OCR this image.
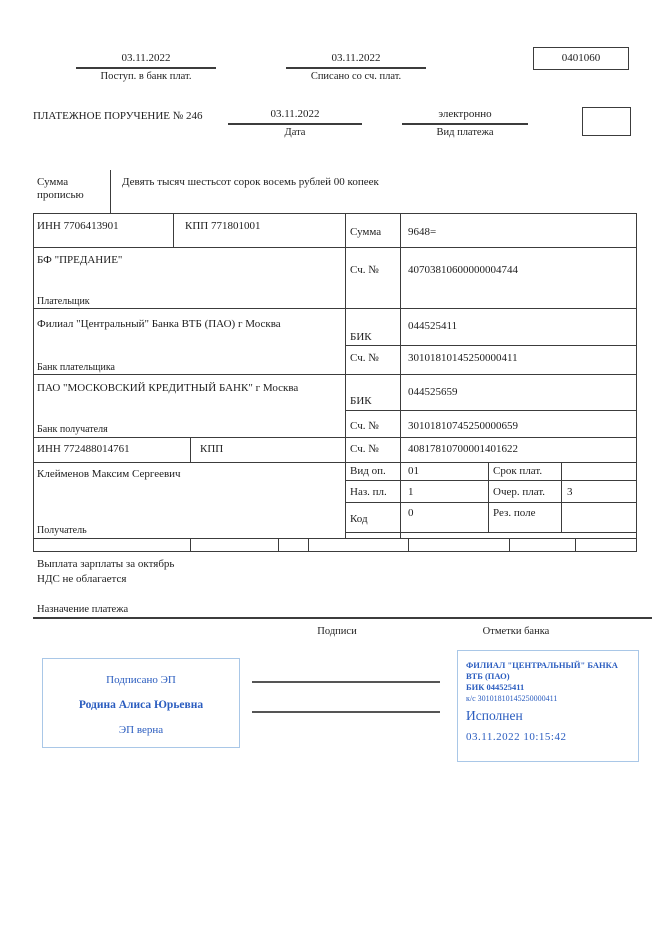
03.11.2022
Поступ. в банк плат.
03.11.2022
Списано со сч. плат.
0401060
ПЛАТЕЖНОЕ ПОРУЧЕНИЕ № 246	03.11.2022
Дата
электронно
Вид платежа
Сумма прописью
Девять тысяч шестьсот сорок восемь рублей 00 копеек
ИНН 7706413901	КПП 771801001	Сумма 9648=
БФ "ПРЕДАНИЕ"
Сч. №	40703810600000004744
Плательщик
Филиал "Центральный" Банка ВТБ (ПАО) г Москва	044525411
БИК
Сч. №	30101810145250000411
Банк плательщика
ПАО "МОСКОВСКИЙ КРЕДИТНЫЙ БАНК" г Москва	044525659
БИК
Сч. №	30101810745250000659
Банк получателя
ИНН 772488014761	КПП	Сч. №	40817810700001401622
Клейменов Максим Сергеевич	Вид оп. 01	Срок плат.
Наз. пл. 1	Очер. плат. 3
Код	0	Рез. поле
Получатель
Выплата зарплаты за октябрь
НДС не облагается
Назначение платежа
Подписи	Отметки банка
Подписано ЭП
Родина Алиса Юрьевна
ЭП верна
ФИЛИАЛ "ЦЕНТРАЛЬНЫЙ" БАНКА
ВТБ (ПАО)
БИК 044525411
к/с 30101810145250000411
Исполнен
03.11.2022 10:15:42
